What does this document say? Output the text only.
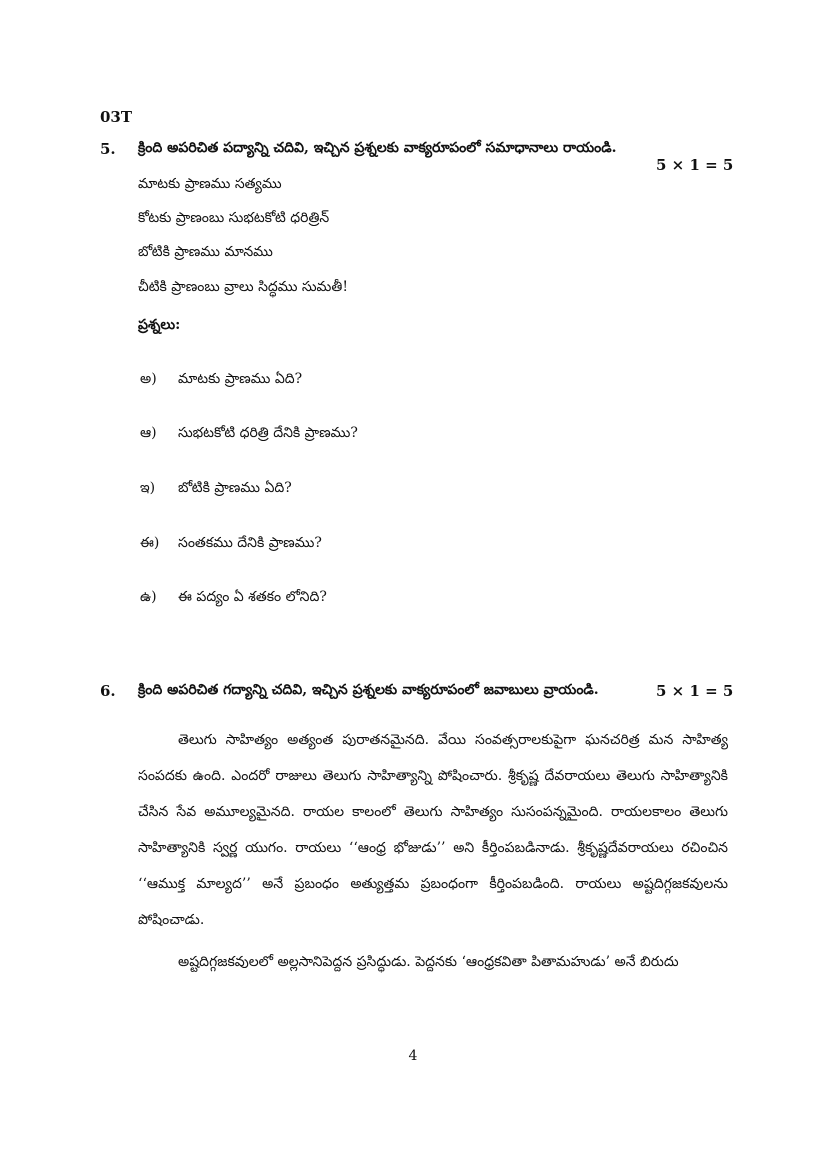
03T
5. క్రింది అపరిచిత పద్యాన్ని చదివి, ఇచ్చిన ప్రశ్నలకు వాక్యరూపంలో సమాధానాలు రాయండి.
5 × 1 = 5
మాటకు ప్రాణము సత్యము
కోటకు ప్రాణంబు సుభటకోటి ధరిత్రిన్
బోటికి ప్రాణము మానము
చీటికి ప్రాణంబు వ్రాలు సిద్ధము సుమతీ!
ప్రశ్నలు:
అ) మాటకు ప్రాణము ఏది?
ఆ) సుభటకోటి ధరిత్రి దేనికి ప్రాణము?
ఇ) బోటికి ప్రాణము ఏది?
ఈ) సంతకము దేనికి ప్రాణము?
ఉ) ఈ పద్యం ఏ శతకం లోనిది?
6. క్రింది అపరిచిత గద్యాన్ని చదివి, ఇచ్చిన ప్రశ్నలకు వాక్యరూపంలో జవాబులు వ్రాయండి.	5 × 1 = 5

తెలుగు సాహిత్యం అత్యంత పురాతనమైనది. వేయి సంవత్సరాలకుపైగా ఘనచరిత్ర మన సాహిత్య సంపదకు ఉంది. ఎందరో రాజులు తెలుగు సాహిత్యాన్ని పోషించారు. శ్రీకృష్ణ దేవరాయలు తెలుగు సాహిత్యానికి చేసిన సేవ అమూల్యమైనది. రాయల కాలంలో తెలుగు సాహిత్యం సుసంపన్నమైంది. రాయలకాలం తెలుగు సాహిత్యానికి స్వర్ణ యుగం. రాయలు ‘‘ఆంధ్ర భోజుడు’’ అని కీర్తింపబడినాడు. శ్రీకృష్ణదేవరాయలు రచించిన ‘‘ఆముక్త మాల్యద’’ అనే ప్రబంధం అత్యుత్తమ ప్రబంధంగా కీర్తింపబడింది. రాయలు అష్టదిగ్గజకవులను పోషించాడు.

అష్టదిగ్గజకవులలో అల్లసానిపెద్దన ప్రసిద్ధుడు. పెద్దనకు ‘ఆంధ్రకవితా పితామహుడు’ అనే బిరుదు

4
